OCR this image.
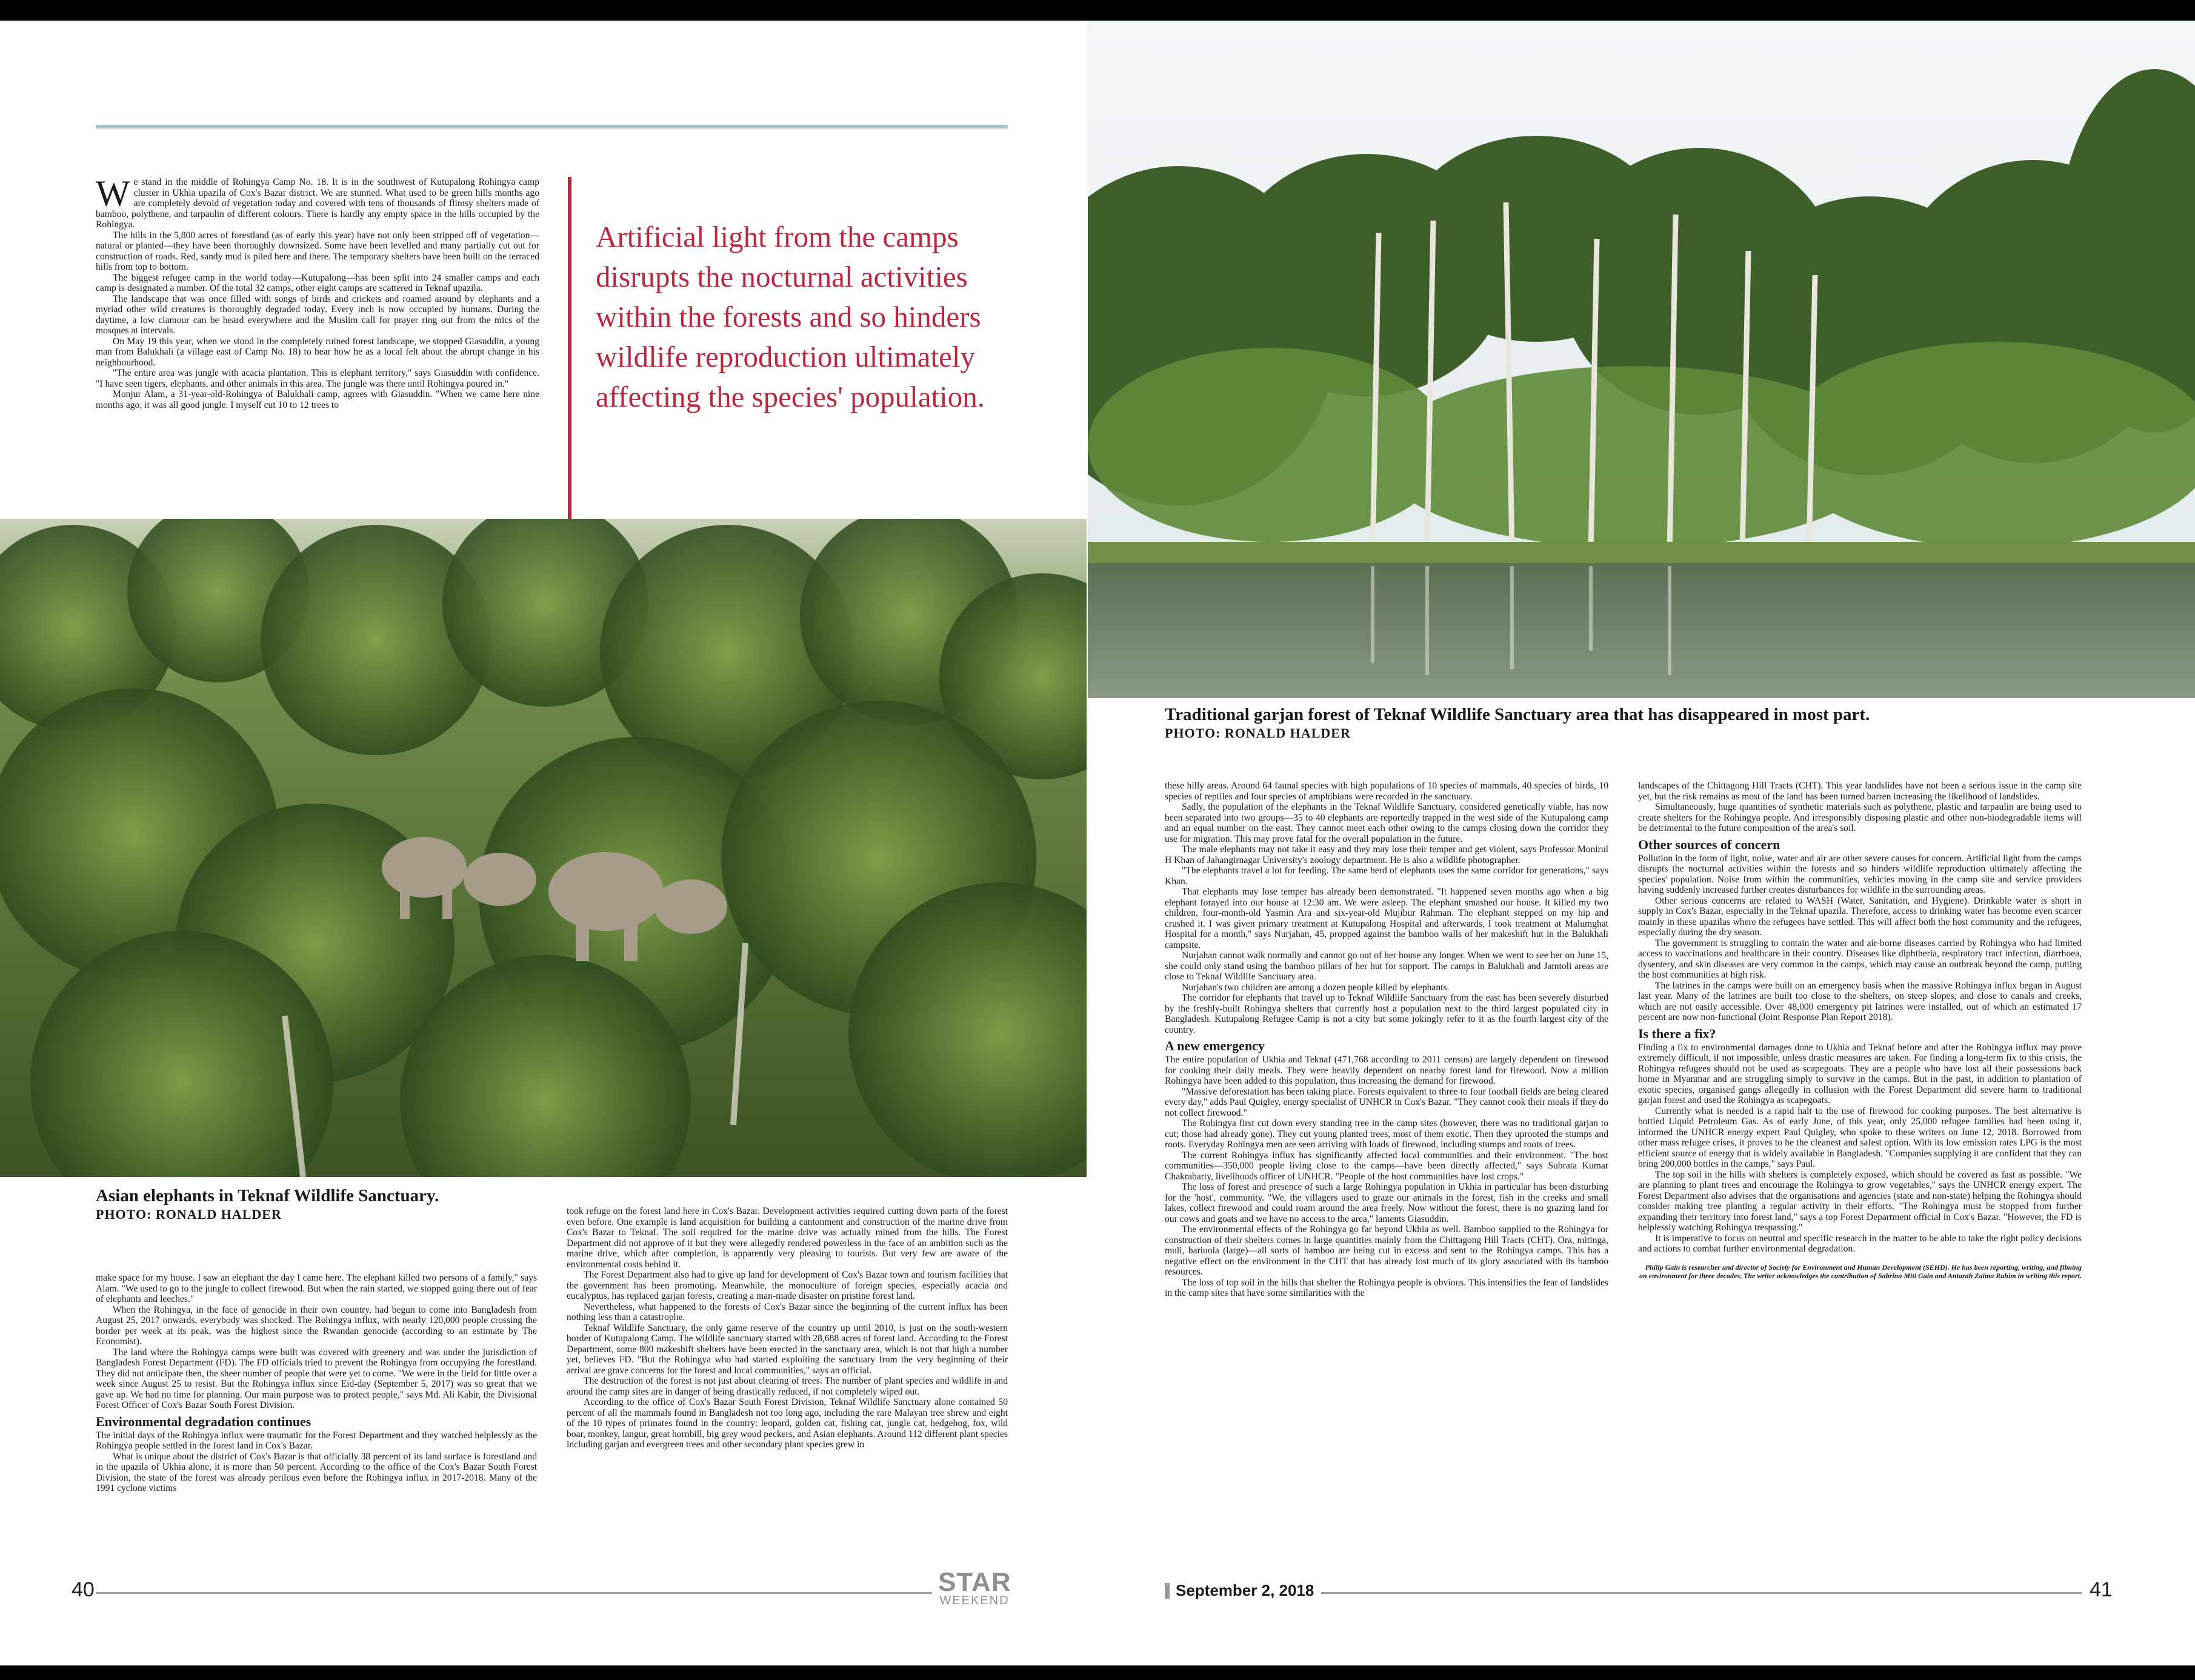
We stand in the middle of Rohingya Camp No. 18. It is in the southwest of Kutupalong Rohingya camp cluster in Ukhia upazila of Cox's Bazar district. We are stunned. What used to be green hills months ago are completely devoid of vegetation today and covered with tens of thousands of flimsy shelters made of bamboo, polythene, and tarpaulin of different colours. There is hardly any empty space in the hills occupied by the Rohingya.

The hills in the 5,800 acres of forestland (as of early this year) have not only been stripped off of vegetation—natural or planted—they have been thoroughly downsized. Some have been levelled and many partially cut out for construction of roads. Red, sandy mud is piled here and there. The temporary shelters have been built on the terraced hills from top to bottom.

The biggest refugee camp in the world today—Kutupalong—has been split into 24 smaller camps and each camp is designated a number. Of the total 32 camps, other eight camps are scattered in Teknaf upazila.

The landscape that was once filled with songs of birds and crickets and roamed around by elephants and a myriad other wild creatures is thoroughly degraded today. Every inch is now occupied by humans. During the daytime, a low clamour can be heard everywhere and the Muslim call for prayer ring out from the mics of the mosques at intervals.

On May 19 this year, when we stood in the completely ruined forest landscape, we stopped Giasuddin, a young man from Balukhali (a village east of Camp No. 18) to hear how he as a local felt about the abrupt change in his neighbourhood.

"The entire area was jungle with acacia plantation. This is elephant territory," says Giasuddin with confidence. "I have seen tigers, elephants, and other animals in this area. The jungle was there until Rohingya poured in."

Monjur Alam, a 31-year-old-Rohingya of Balukhali camp, agrees with Giasuddin. "When we came here nine months ago, it was all good jungle. I myself cut 10 to 12 trees to

Artificial light from the camps disrupts the nocturnal activities within the forests and so hinders wildlife reproduction ultimately affecting the species' population.
Asian elephants in Teknaf Wildlife Sanctuary.
PHOTO: RONALD HALDER

make space for my house. I saw an elephant the day I came here. The elephant killed two persons of a family," says Alam. "We used to go to the jungle to collect firewood. But when the rain started, we stopped going there out of fear of elephants and leeches."

When the Rohingya, in the face of genocide in their own country, had begun to come into Bangladesh from August 25, 2017 onwards, everybody was shocked. The Rohingya influx, with nearly 120,000 people crossing the border per week at its peak, was the highest since the Rwandan genocide (according to an estimate by The Economist).

The land where the Rohingya camps were built was covered with greenery and was under the jurisdiction of Bangladesh Forest Department (FD). The FD officials tried to prevent the Rohingya from occupying the forestland. They did not anticipate then, the sheer number of people that were yet to come. "We were in the field for little over a week since August 25 to resist. But the Rohingya influx since Eid-day (September 5, 2017) was so great that we gave up. We had no time for planning. Our main purpose was to protect people," says Md. Ali Kabir, the Divisional Forest Officer of Cox's Bazar South Forest Division.

Environmental degradation continues

The initial days of the Rohingya influx were traumatic for the Forest Department and they watched helplessly as the Rohingya people settled in the forest land in Cox's Bazar.

What is unique about the district of Cox's Bazar is that officially 38 percent of its land surface is forestland and in the upazila of Ukhia alone, it is more than 50 percent. According to the office of the Cox's Bazar South Forest Division, the state of the forest was already perilous even before the Rohingya influx in 2017-2018. Many of the 1991 cyclone victims

took refuge on the forest land here in Cox's Bazar. Development activities required cutting down parts of the forest even before. One example is land acquisition for building a cantonment and construction of the marine drive from Cox's Bazar to Teknaf. The soil required for the marine drive was actually mined from the hills. The Forest Department did not approve of it but they were allegedly rendered powerless in the face of an ambition such as the marine drive, which after completion, is apparently very pleasing to tourists. But very few are aware of the environmental costs behind it.

The Forest Department also had to give up land for development of Cox's Bazar town and tourism facilities that the government has been promoting. Meanwhile, the monoculture of foreign species, especially acacia and eucalyptus, has replaced garjan forests, creating a man-made disaster on pristine forest land.

Nevertheless, what happened to the forests of Cox's Bazar since the beginning of the current influx has been nothing less than a catastrophe.

Teknaf Wildlife Sanctuary, the only game reserve of the country up until 2010, is just on the south-western border of Kutupalong Camp. The wildlife sanctuary started with 28,688 acres of forest land. According to the Forest Department, some 800 makeshift shelters have been erected in the sanctuary area, which is not that high a number yet, believes FD. "But the Rohingya who had started exploiting the sanctuary from the very beginning of their arrival are grave concerns for the forest and local communities," says an official.

The destruction of the forest is not just about clearing of trees. The number of plant species and wildlife in and around the camp sites are in danger of being drastically reduced, if not completely wiped out.

According to the office of Cox's Bazar South Forest Division, Teknaf Wildlife Sanctuary alone contained 50 percent of all the mammals found in Bangladesh not too long ago, including the rare Malayan tree shrew and eight of the 10 types of primates found in the country: leopard, golden cat, fishing cat, jungle cat, hedgehog, fox, wild boar, monkey, langur, great hornbill, big grey wood peckers, and Asian elephants. Around 112 different plant species including garjan and evergreen trees and other secondary plant species grew in

40	STAR
WEEKEND
Traditional garjan forest of Teknaf Wildlife Sanctuary area that has disappeared in most part.
PHOTO: RONALD HALDER

these hilly areas. Around 64 faunal species with high populations of 10 species of mammals, 40 species of birds, 10 species of reptiles and four species of amphibians were recorded in the sanctuary.

Sadly, the population of the elephants in the Teknaf Wildlife Sanctuary, considered genetically viable, has now been separated into two groups—35 to 40 elephants are reportedly trapped in the west side of the Kutupalong camp and an equal number on the east. They cannot meet each other owing to the camps closing down the corridor they use for migration. This may prove fatal for the overall population in the future.

The male elephants may not take it easy and they may lose their temper and get violent, says Professor Monirul H Khan of Jahangirnagar University's zoology department. He is also a wildlife photographer.

"The elephants travel a lot for feeding. The same herd of elephants uses the same corridor for generations," says Khan.

That elephants may lose temper has already been demonstrated. "It happened seven months ago when a big elephant forayed into our house at 12:30 am. We were asleep. The elephant smashed our house. It killed my two children, four-month-old Yasmin Ara and six-year-old Mujibur Rahman. The elephant stepped on my hip and crushed it. I was given primary treatment at Kutupalong Hospital and afterwards, I took treatment at Malumghat Hospital for a month," says Nurjahan, 45, propped against the bamboo walls of her makeshift hut in the Balukhali campsite.

Nurjahan cannot walk normally and cannot go out of her house any longer. When we went to see her on June 15, she could only stand using the bamboo pillars of her hut for support. The camps in Balukhali and Jamtoli areas are close to Teknaf Wildlife Sanctuary area.

Nurjahan's two children are among a dozen people killed by elephants.

The corridor for elephants that travel up to Teknaf Wildlife Sanctuary from the east has been severely disturbed by the freshly-built Rohingya shelters that currently host a population next to the third largest populated city in Bangladesh. Kutupalong Refugee Camp is not a city but some jokingly refer to it as the fourth largest city of the country.

A new emergency

The entire population of Ukhia and Teknaf (471,768 according to 2011 census) are largely dependent on firewood for cooking their daily meals. They were heavily dependent on nearby forest land for firewood. Now a million Rohingya have been added to this population, thus increasing the demand for firewood.

"Massive deforestation has been taking place. Forests equivalent to three to four football fields are being cleared every day," adds Paul Quigley, energy specialist of UNHCR in Cox's Bazar. "They cannot cook their meals if they do not collect firewood."

The Rohingya first cut down every standing tree in the camp sites (however, there was no traditional garjan to cut; those had already gone). They cut young planted trees, most of them exotic. Then they uprooted the stumps and roots. Everyday Rohingya men are seen arriving with loads of firewood, including stumps and roots of trees.

The current Rohingya influx has significantly affected local communities and their environment. "The host communities—350,000 people living close to the camps—have been directly affected," says Subrata Kumar Chakrabarty, livelihoods officer of UNHCR. "People of the host communities have lost crops."

The loss of forest and presence of such a large Rohingya population in Ukhia in particular has been disturbing for the 'host', community. "We, the villagers used to graze our animals in the forest, fish in the creeks and small lakes, collect firewood and could roam around the area freely. Now without the forest, there is no grazing land for our cows and goats and we have no access to the area," laments Giasuddin.

The environmental effects of the Rohingya go far beyond Ukhia as well. Bamboo supplied to the Rohingya for construction of their shelters comes in large quantities mainly from the Chittagong Hill Tracts (CHT). Ora, mitinga, muli, bariuola (large)—all sorts of bamboo are being cut in excess and sent to the Rohingya camps. This has a negative effect on the environment in the CHT that has already lost much of its glory associated with its bamboo resources.

The loss of top soil in the hills that shelter the Rohingya people is obvious. This intensifies the fear of landslides in the camp sites that have some similarities with the

landscapes of the Chittagong Hill Tracts (CHT). This year landslides have not been a serious issue in the camp site yet, but the risk remains as most of the land has been turned barren increasing the likelihood of landslides.

Simultaneously, huge quantities of synthetic materials such as polythene, plastic and tarpaulin are being used to create shelters for the Rohingya people. And irresponsibly disposing plastic and other non-biodegradable items will be detrimental to the future composition of the area's soil.

Other sources of concern

Pollution in the form of light, noise, water and air are other severe causes for concern. Artificial light from the camps disrupts the nocturnal activities within the forests and so hinders wildlife reproduction ultimately affecting the species' population. Noise from within the communities, vehicles moving in the camp site and service providers having suddenly increased further creates disturbances for wildlife in the surrounding areas.

Other serious concerns are related to WASH (Water, Sanitation, and Hygiene). Drinkable water is short in supply in Cox's Bazar, especially in the Teknaf upazila. Therefore, access to drinking water has become even scarcer mainly in these upazilas where the refugees have settled. This will affect both the host community and the refugees, especially during the dry season.

The government is struggling to contain the water and air-borne diseases carried by Rohingya who had limited access to vaccinations and healthcare in their country. Diseases like diphtheria, respiratory tract infection, diarrhoea, dysentery, and skin diseases are very common in the camps, which may cause an outbreak beyond the camp, putting the host communities at high risk.

The latrines in the camps were built on an emergency basis when the massive Rohingya influx began in August last year. Many of the latrines are built too close to the shelters, on steep slopes, and close to canals and creeks, which are not easily accessible. Over 48,000 emergency pit latrines were installed, out of which an estimated 17 percent are now non-functional (Joint Response Plan Report 2018).

Is there a fix?

Finding a fix to environmental damages done to Ukhia and Teknaf before and after the Rohingya influx may prove extremely difficult, if not impossible, unless drastic measures are taken. For finding a long-term fix to this crisis, the Rohingya refugees should not be used as scapegoats. They are a people who have lost all their possessions back home in Myanmar and are struggling simply to survive in the camps. But in the past, in addition to plantation of exotic species, organised gangs allegedly in collusion with the Forest Department did severe harm to traditional garjan forest and used the Rohingya as scapegoats.

Currently what is needed is a rapid halt to the use of firewood for cooking purposes. The best alternative is bottled Liquid Petroleum Gas. As of early June, of this year, only 25,000 refugee families had been using it, informed the UNHCR energy expert Paul Quigley, who spoke to these writers on June 12, 2018. Borrowed from other mass refugee crises, it proves to be the cleanest and safest option. With its low emission rates LPG is the most efficient source of energy that is widely available in Bangladesh. "Companies supplying it are confident that they can bring 200,000 bottles in the camps," says Paul.

The top soil in the hills with shelters is completely exposed, which should be covered as fast as possible. "We are planning to plant trees and encourage the Rohingya to grow vegetables," says the UNHCR energy expert. The Forest Department also advises that the organisations and agencies (state and non-state) helping the Rohingya should consider making tree planting a regular activity in their efforts. "The Rohingya must be stopped from further expanding their territory into forest land," says a top Forest Department official in Cox's Bazar. "However, the FD is helplessly watching Rohingya trespassing."

It is imperative to focus on neutral and specific research in the matter to be able to take the right policy decisions and actions to combat further environmental degradation.

Philip Gain is researcher and director of Society for Environment and Human Development (SEHD). He has been reporting, writing, and filming on environment for three decades. The writer acknowledges the contribution of Sabrina Miti Gain and Antarah Zaima Rahim in writing this report.
September 2, 2018	41
